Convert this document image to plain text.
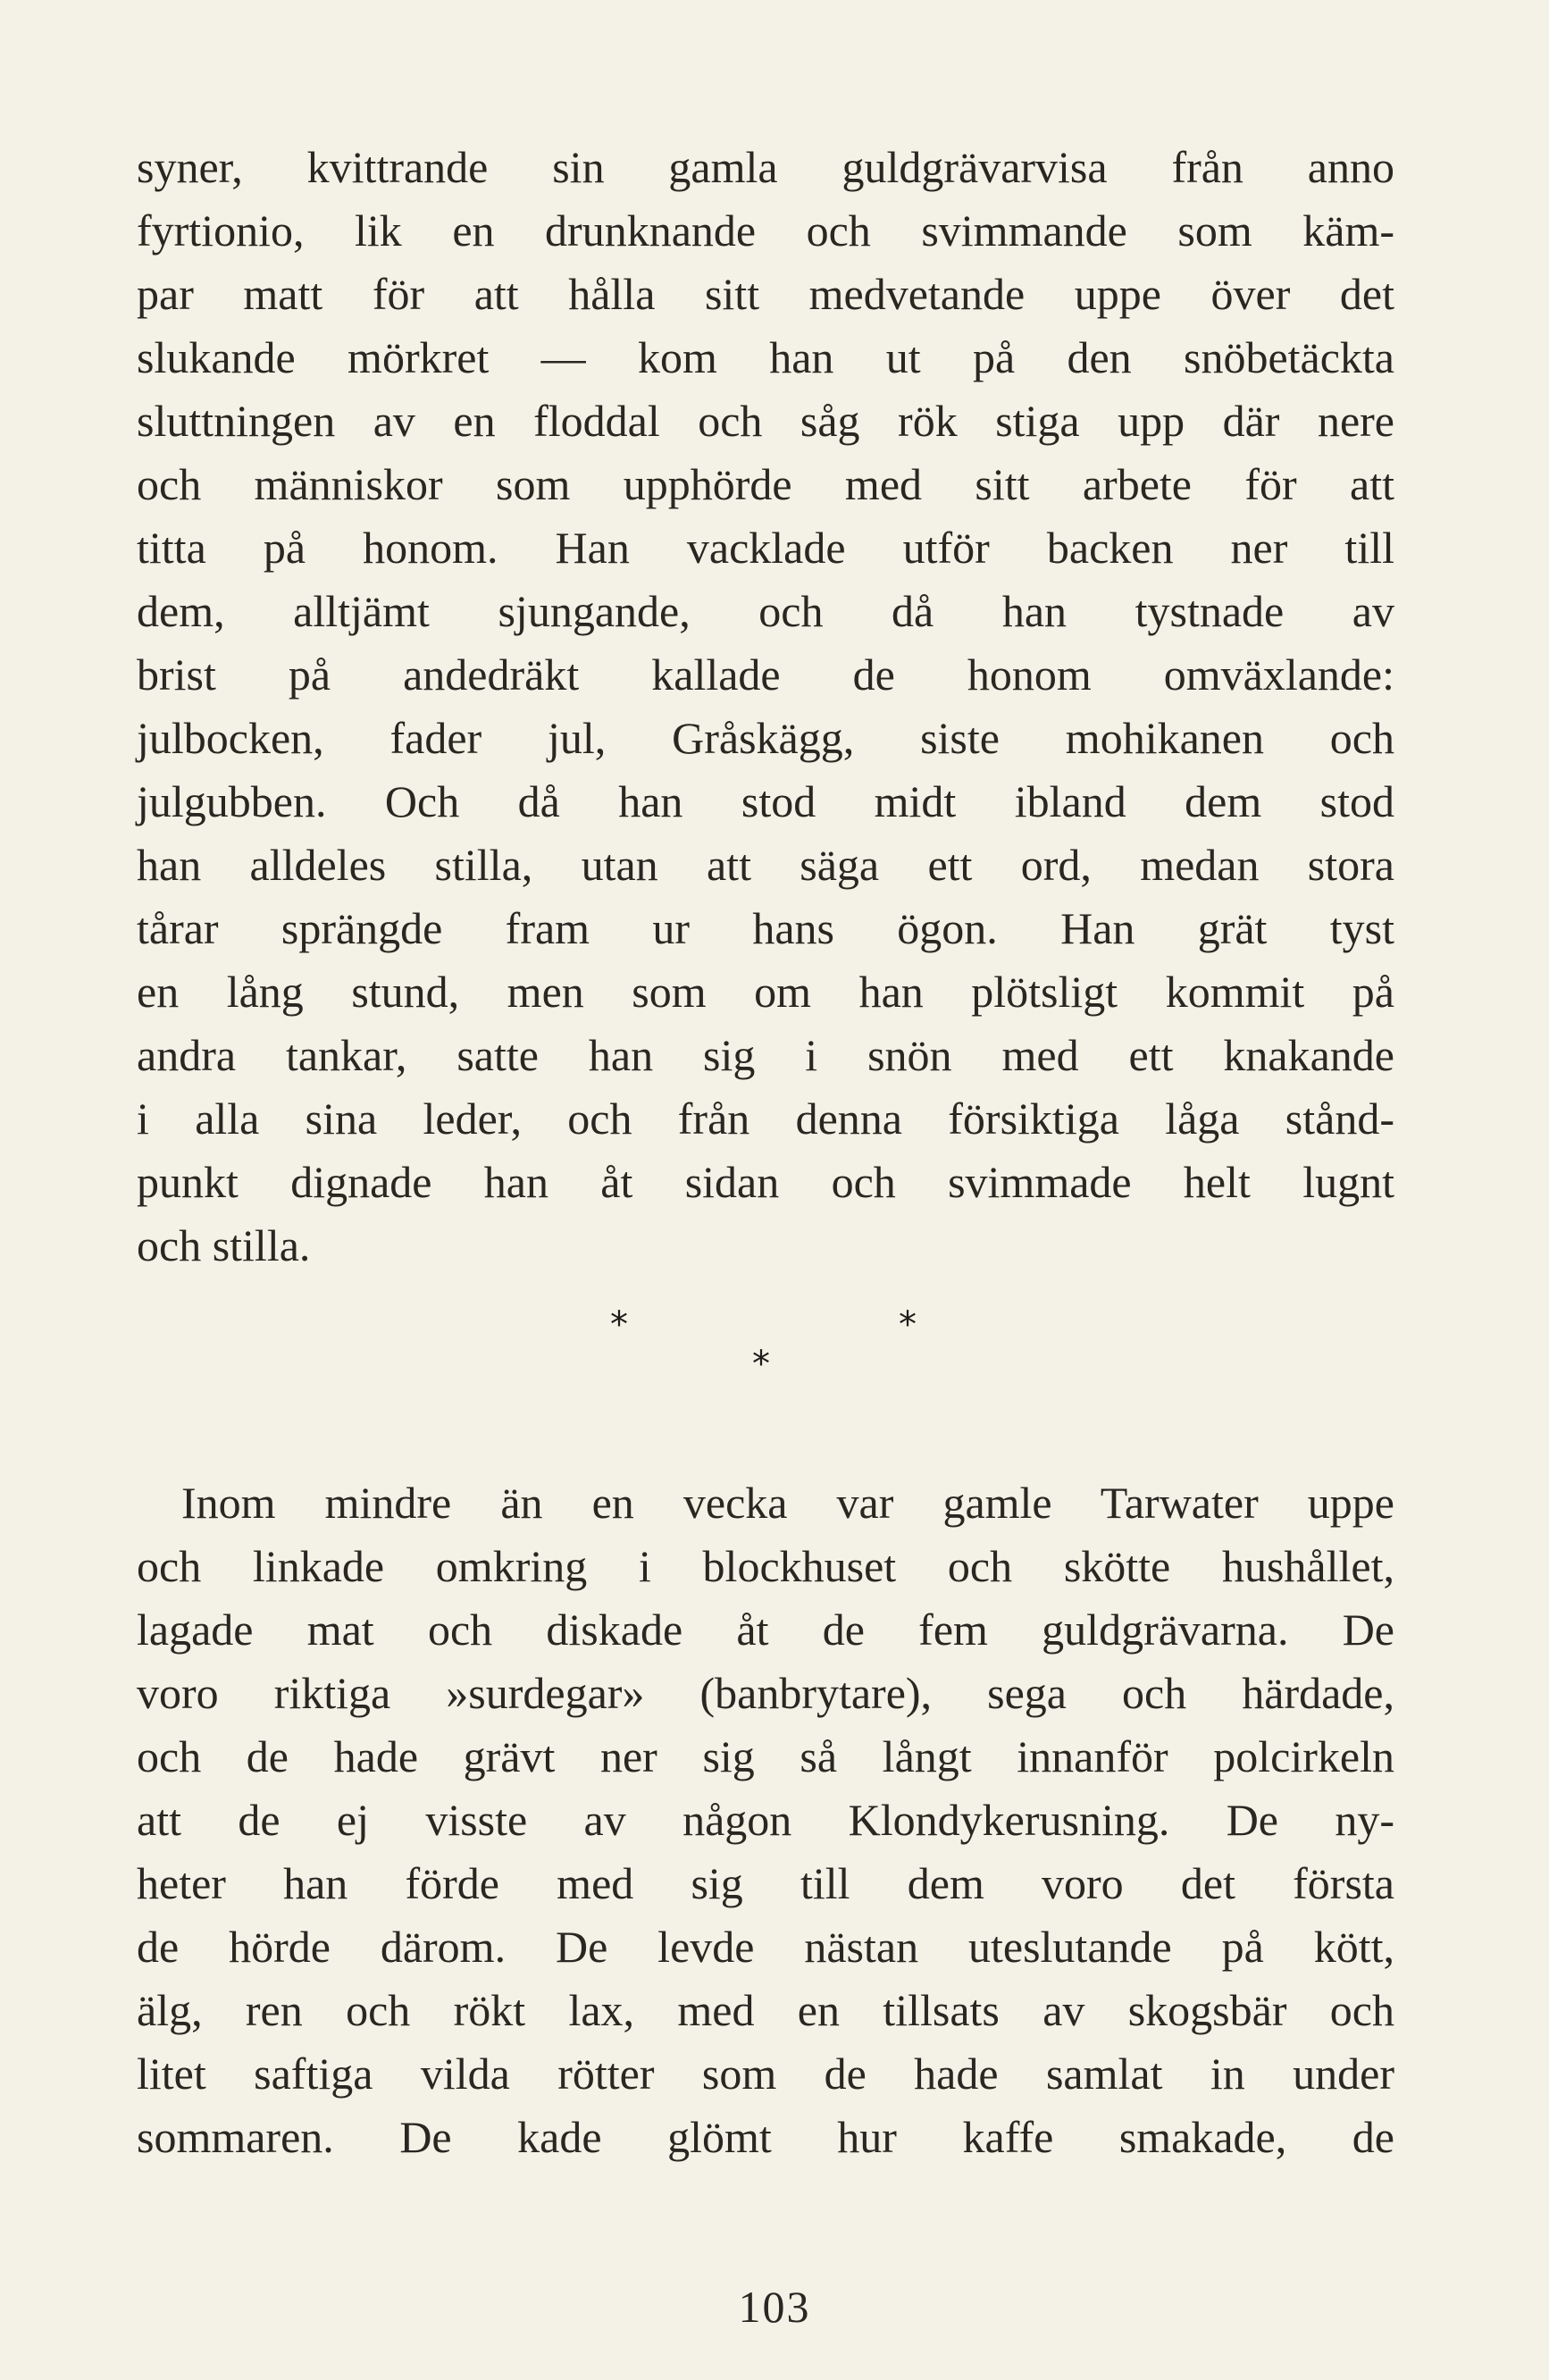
syner, kvittrande sin gamla guldgrävarvisa från anno
fyrtionio, lik en drunknande och svimmande som käm-
par matt för att hålla sitt medvetande uppe över det
slukande mörkret — kom han ut på den snöbetäckta
sluttningen av en floddal och såg rök stiga upp där nere
och människor som upphörde med sitt arbete för att
titta på honom. Han vacklade utför backen ner till
dem, alltjämt sjungande, och då han tystnade av
brist på andedräkt kallade de honom omväxlande:
julbocken, fader jul, Gråskägg, siste mohikanen och
julgubben. Och då han stod midt ibland dem stod
han alldeles stilla, utan att säga ett ord, medan stora
tårar sprängde fram ur hans ögon. Han grät tyst
en lång stund, men som om han plötsligt kommit på
andra tankar, satte han sig i snön med ett knakande
i alla sina leder, och från denna försiktiga låga stånd-
punkt dignade han åt sidan och svimmade helt lugnt
och stilla.
*	*
*
Inom mindre än en vecka var gamle Tarwater uppe
och linkade omkring i blockhuset och skötte hushållet,
lagade mat och diskade åt de fem guldgrävarna. De
voro riktiga »surdegar» (banbrytare), sega och härdade,
och de hade grävt ner sig så långt innanför polcirkeln
att de ej visste av någon Klondykerusning. De ny-
heter han förde med sig till dem voro det första
de hörde därom. De levde nästan uteslutande på kött,
älg, ren och rökt lax, med en tillsats av skogsbär och
litet saftiga vilda rötter som de hade samlat in under
sommaren. De kade glömt hur kaffe smakade, de
103
